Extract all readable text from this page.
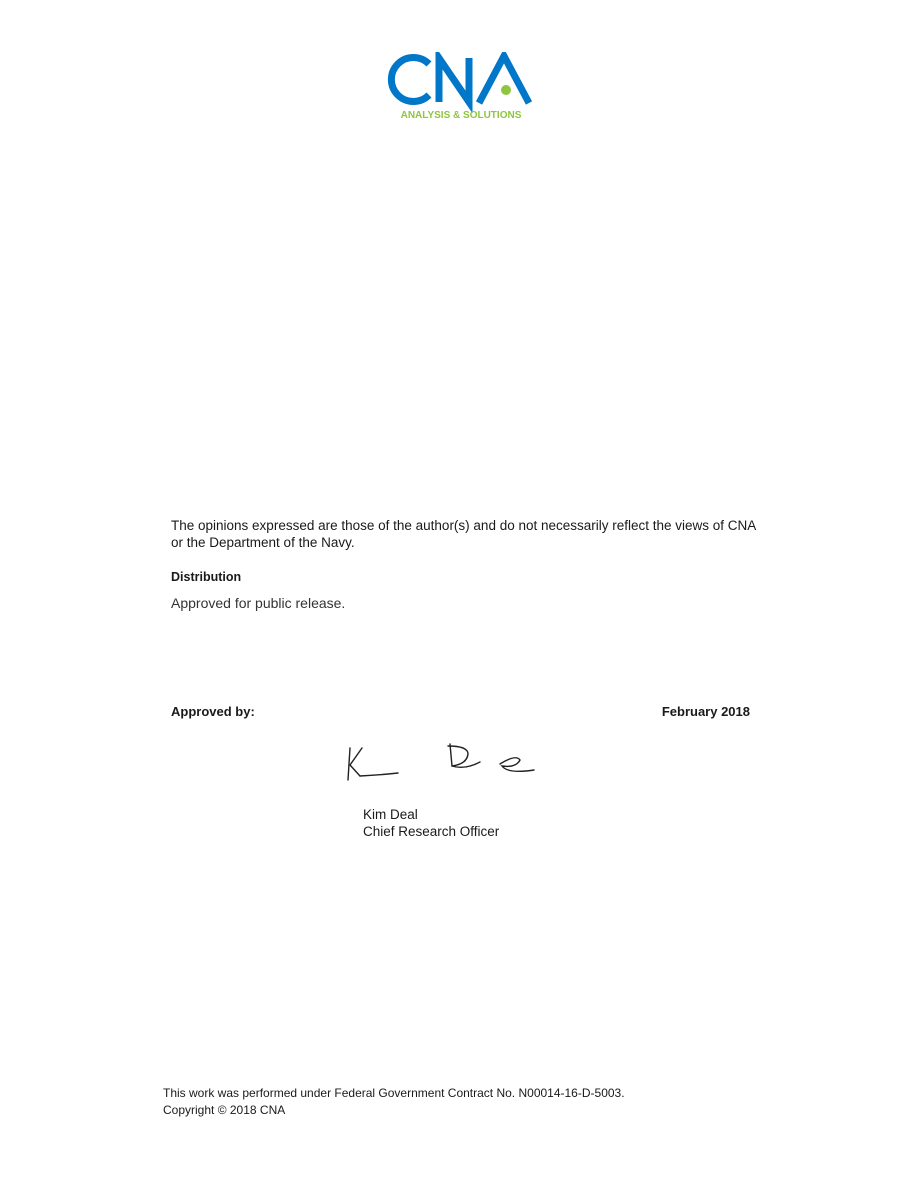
ANALYSIS & SOLUTIONS
The opinions expressed are those of the author(s) and do not necessarily reflect the views of CNA or the Department of the Navy.
Distribution
Approved for public release.
Approved by:	February 2018
Kim Deal
Chief Research Officer
This work was performed under Federal Government Contract No. N00014-16-D-5003.
Copyright © 2018 CNA
